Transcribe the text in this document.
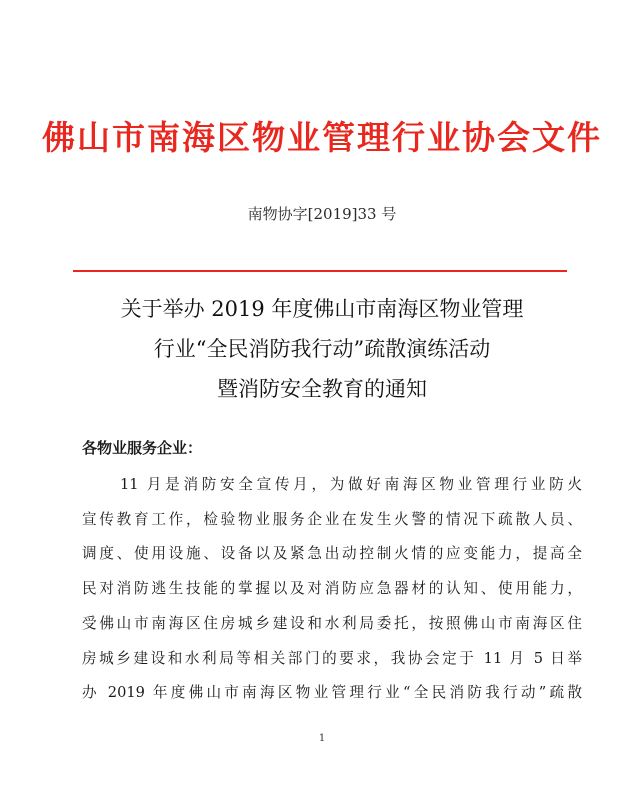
佛山市南海区物业管理行业协会文件
南物协字[2019]33 号
关于举办 2019 年度佛山市南海区物业管理
行业“全民消防我行动”疏散演练活动
暨消防安全教育的通知
各物业服务企业：
11 月是消防安全宣传月，为做好南海区物业管理行业防火
宣传教育工作，检验物业服务企业在发生火警的情况下疏散人员、
调度、使用设施、设备以及紧急出动控制火情的应变能力，提高全
民对消防逃生技能的掌握以及对消防应急器材的认知、使用能力，
受佛山市南海区住房城乡建设和水利局委托，按照佛山市南海区住
房城乡建设和水利局等相关部门的要求，我协会定于 11 月 5 日举
办 2019 年度佛山市南海区物业管理行业“全民消防我行动”疏散
1
